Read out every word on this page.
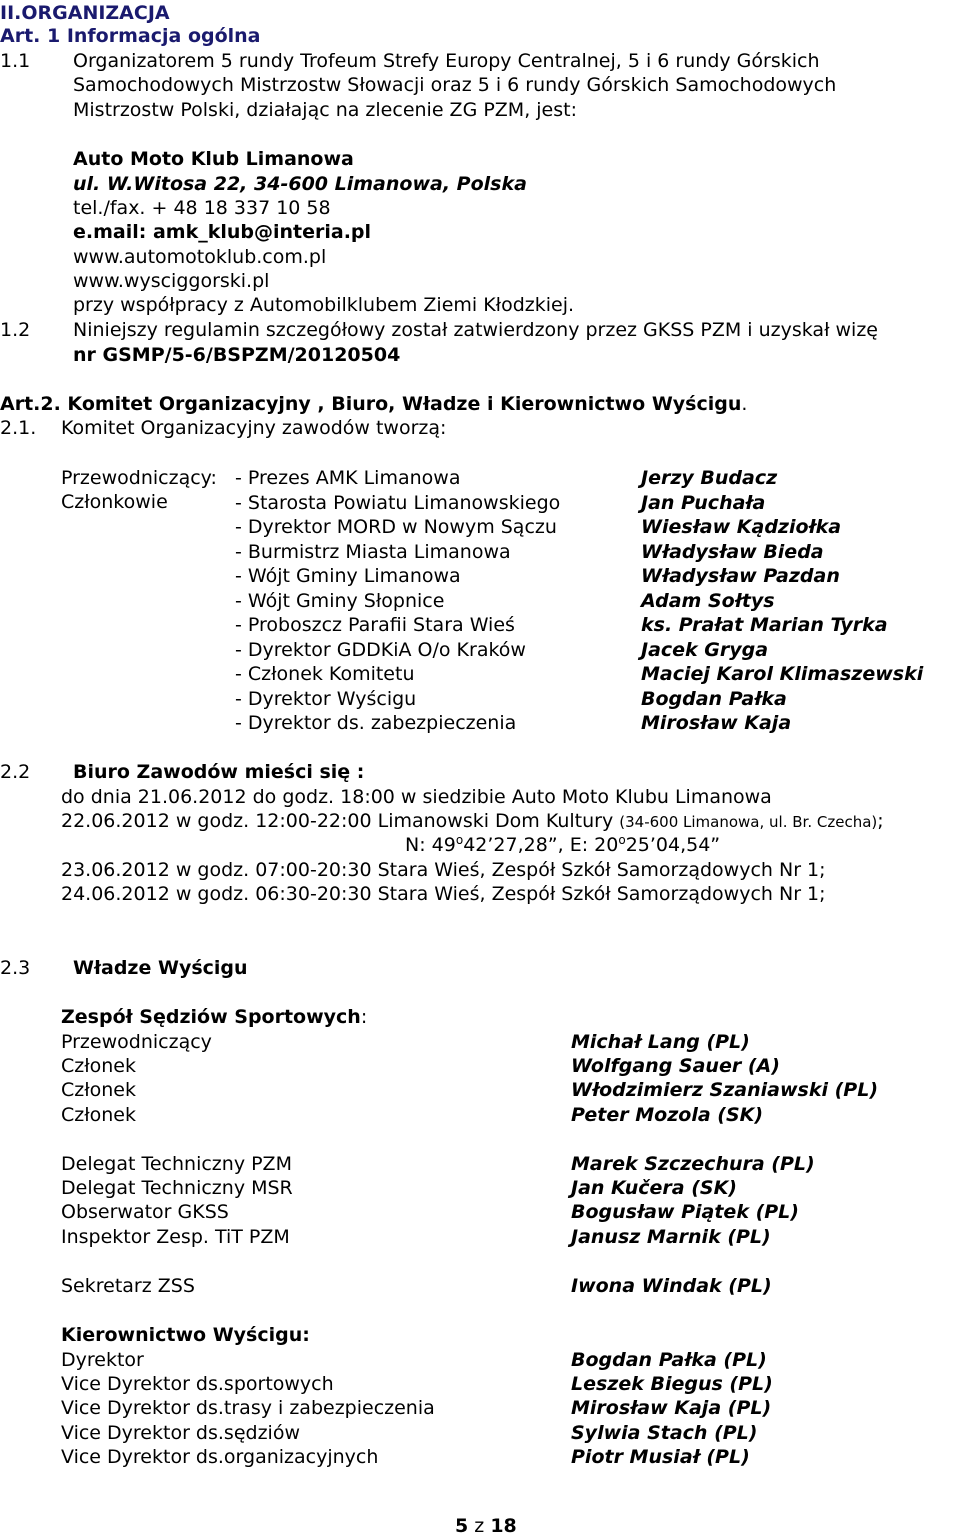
II.ORGANIZACJA
Art. 1 Informacja ogólna
1.1 Organizatorem 5 rundy Trofeum Strefy Europy Centralnej, 5 i 6 rundy Górskich
Samochodowych Mistrzostw Słowacji oraz 5 i 6 rundy Górskich Samochodowych
Mistrzostw Polski, działając na zlecenie ZG PZM, jest:
Auto Moto Klub Limanowa
ul. W.Witosa 22, 34-600 Limanowa, Polska
tel./fax. + 48 18 337 10 58
e.mail: amk_klub@interia.pl
www.automotoklub.com.pl
www.wysciggorski.pl
przy współpracy z Automobilklubem Ziemi Kłodzkiej.
1.2 Niniejszy regulamin szczegółowy został zatwierdzony przez GKSS PZM i uzyskał wizę
nr GSMP/5-6/BSPZM/20120504
Art.2. Komitet Organizacyjny , Biuro, Władze i Kierownictwo Wyścigu.
2.1. Komitet Organizacyjny zawodów tworzą:
Przewodniczący:
Członkowie
- Prezes AMK Limanowa
- Starosta Powiatu Limanowskiego
- Dyrektor MORD w Nowym Sączu
- Burmistrz Miasta Limanowa
- Wójt Gminy Limanowa
- Wójt Gminy Słopnice
- Proboszcz Parafii Stara Wieś
- Dyrektor GDDKiA O/o Kraków
- Członek Komitetu
- Dyrektor Wyścigu
- Dyrektor ds. zabezpieczenia
Jerzy Budacz
Jan Puchała
Wiesław Kądziołka
Władysław Bieda
Władysław Pazdan
Adam Sołtys
ks. Prałat Marian Tyrka
Jacek Gryga
Maciej Karol Klimaszewski
Bogdan Pałka
Mirosław Kaja
2.2 Biuro Zawodów mieści się :
do dnia 21.06.2012 do godz. 18:00 w siedzibie Auto Moto Klubu Limanowa
22.06.2012 w godz. 12:00-22:00 Limanowski Dom Kultury (34-600 Limanowa, ul. Br. Czecha);
N: 49$^o$42’27,28”, E: 20$^o$25’04,54”
23.06.2012 w godz. 07:00-20:30 Stara Wieś, Zespół Szkół Samorządowych Nr 1;
24.06.2012 w godz. 06:30-20:30 Stara Wieś, Zespół Szkół Samorządowych Nr 1;
2.3 Władze Wyścigu
Zespół Sędziów Sportowych:
Przewodniczący
Członek
Członek
Członek
Michał Lang (PL)
Wolfgang Sauer (A)
Włodzimierz Szaniawski (PL)
Peter Mozola (SK)
Delegat Techniczny PZM
Delegat Techniczny MSR
Obserwator GKSS
Inspektor Zesp. TiT PZM
Marek Szczechura (PL)
Jan Kučera (SK)
Bogusław Piątek (PL)
Janusz Marnik (PL)
Sekretarz ZSS	Iwona Windak (PL)
Kierownictwo Wyścigu:
Dyrektor
Vice Dyrektor ds.sportowych
Vice Dyrektor ds.trasy i zabezpieczenia
Vice Dyrektor ds.sędziów
Vice Dyrektor ds.organizacyjnych
Bogdan Pałka (PL)
Leszek Biegus (PL)
Mirosław Kaja (PL)
Sylwia Stach (PL)
Piotr Musiał (PL)
5 z 18
